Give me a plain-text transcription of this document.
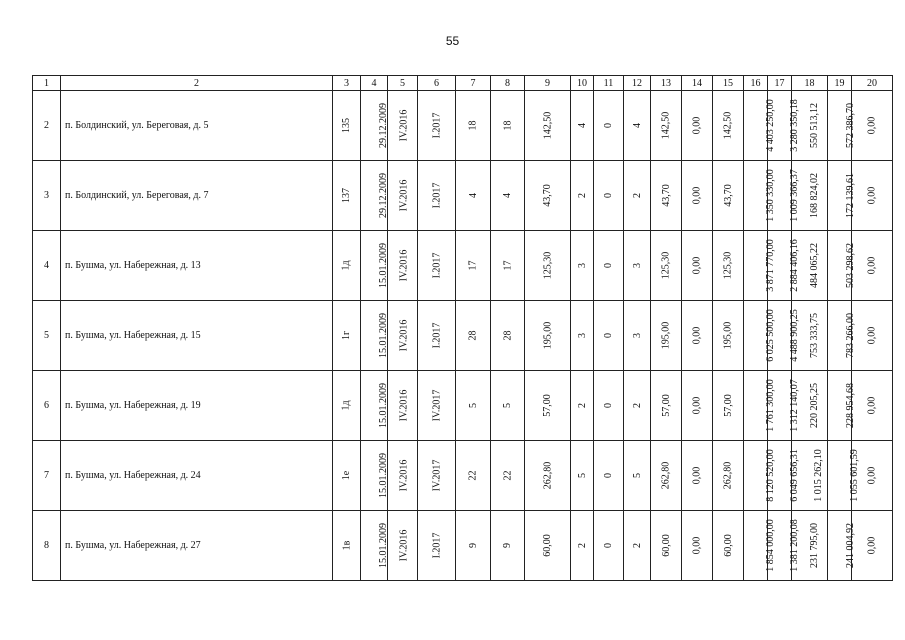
55
1	2	3	4	5	6	7	8	9	10	11	12	13	14	15	16	17	18	19	20
2	п. Болдинский, ул. Береговая, д. 5	135	29.12.2009	IV.2016	I.2017	18	18	142,50	4	0	4	142,50	0,00	142,50	4 403 250,00	3 280 350,18	550 513,12	572 386,70	0,00
3	п. Болдинский, ул. Береговая, д. 7	137	29.12.2009	IV.2016	I.2017	4	4	43,70	2	0	2	43,70	0,00	43,70	1 350 330,00	1 009 366,37	168 824,02	172 139,61	0,00
4	п. Бушма, ул. Набережная, д. 13	1д	15.01.2009	IV.2016	I.2017	17	17	125,30	3	0	3	125,30	0,00	125,30	3 871 770,00	2 884 406,16	484 065,22	503 298,62	0,00
5	п. Бушма, ул. Набережная, д. 15	1г	15.01.2009	IV.2016	I.2017	28	28	195,00	3	0	3	195,00	0,00	195,00	6 025 500,00	4 488 900,25	753 333,75	783 266,00	0,00
6	п. Бушма, ул. Набережная, д. 19	1д	15.01.2009	IV.2016	IV.2017	5	5	57,00	2	0	2	57,00	0,00	57,00	1 761 300,00	1 312 140,07	220 205,25	228 954,68	0,00
7	п. Бушма, ул. Набережная, д. 24	1е	15.01.2009	IV.2016	IV.2017	22	22	262,80	5	0	5	262,80	0,00	262,80	8 120 520,00	6 049 656,31	1 015 262,10	1 055 601,59	0,00
8	п. Бушма, ул. Набережная, д. 27	1в	15.01.2009	IV.2016	I.2017	9	9	60,00	2	0	2	60,00	0,00	60,00	1 854 000,00	1 381 200,08	231 795,00	241 004,92	0,00
